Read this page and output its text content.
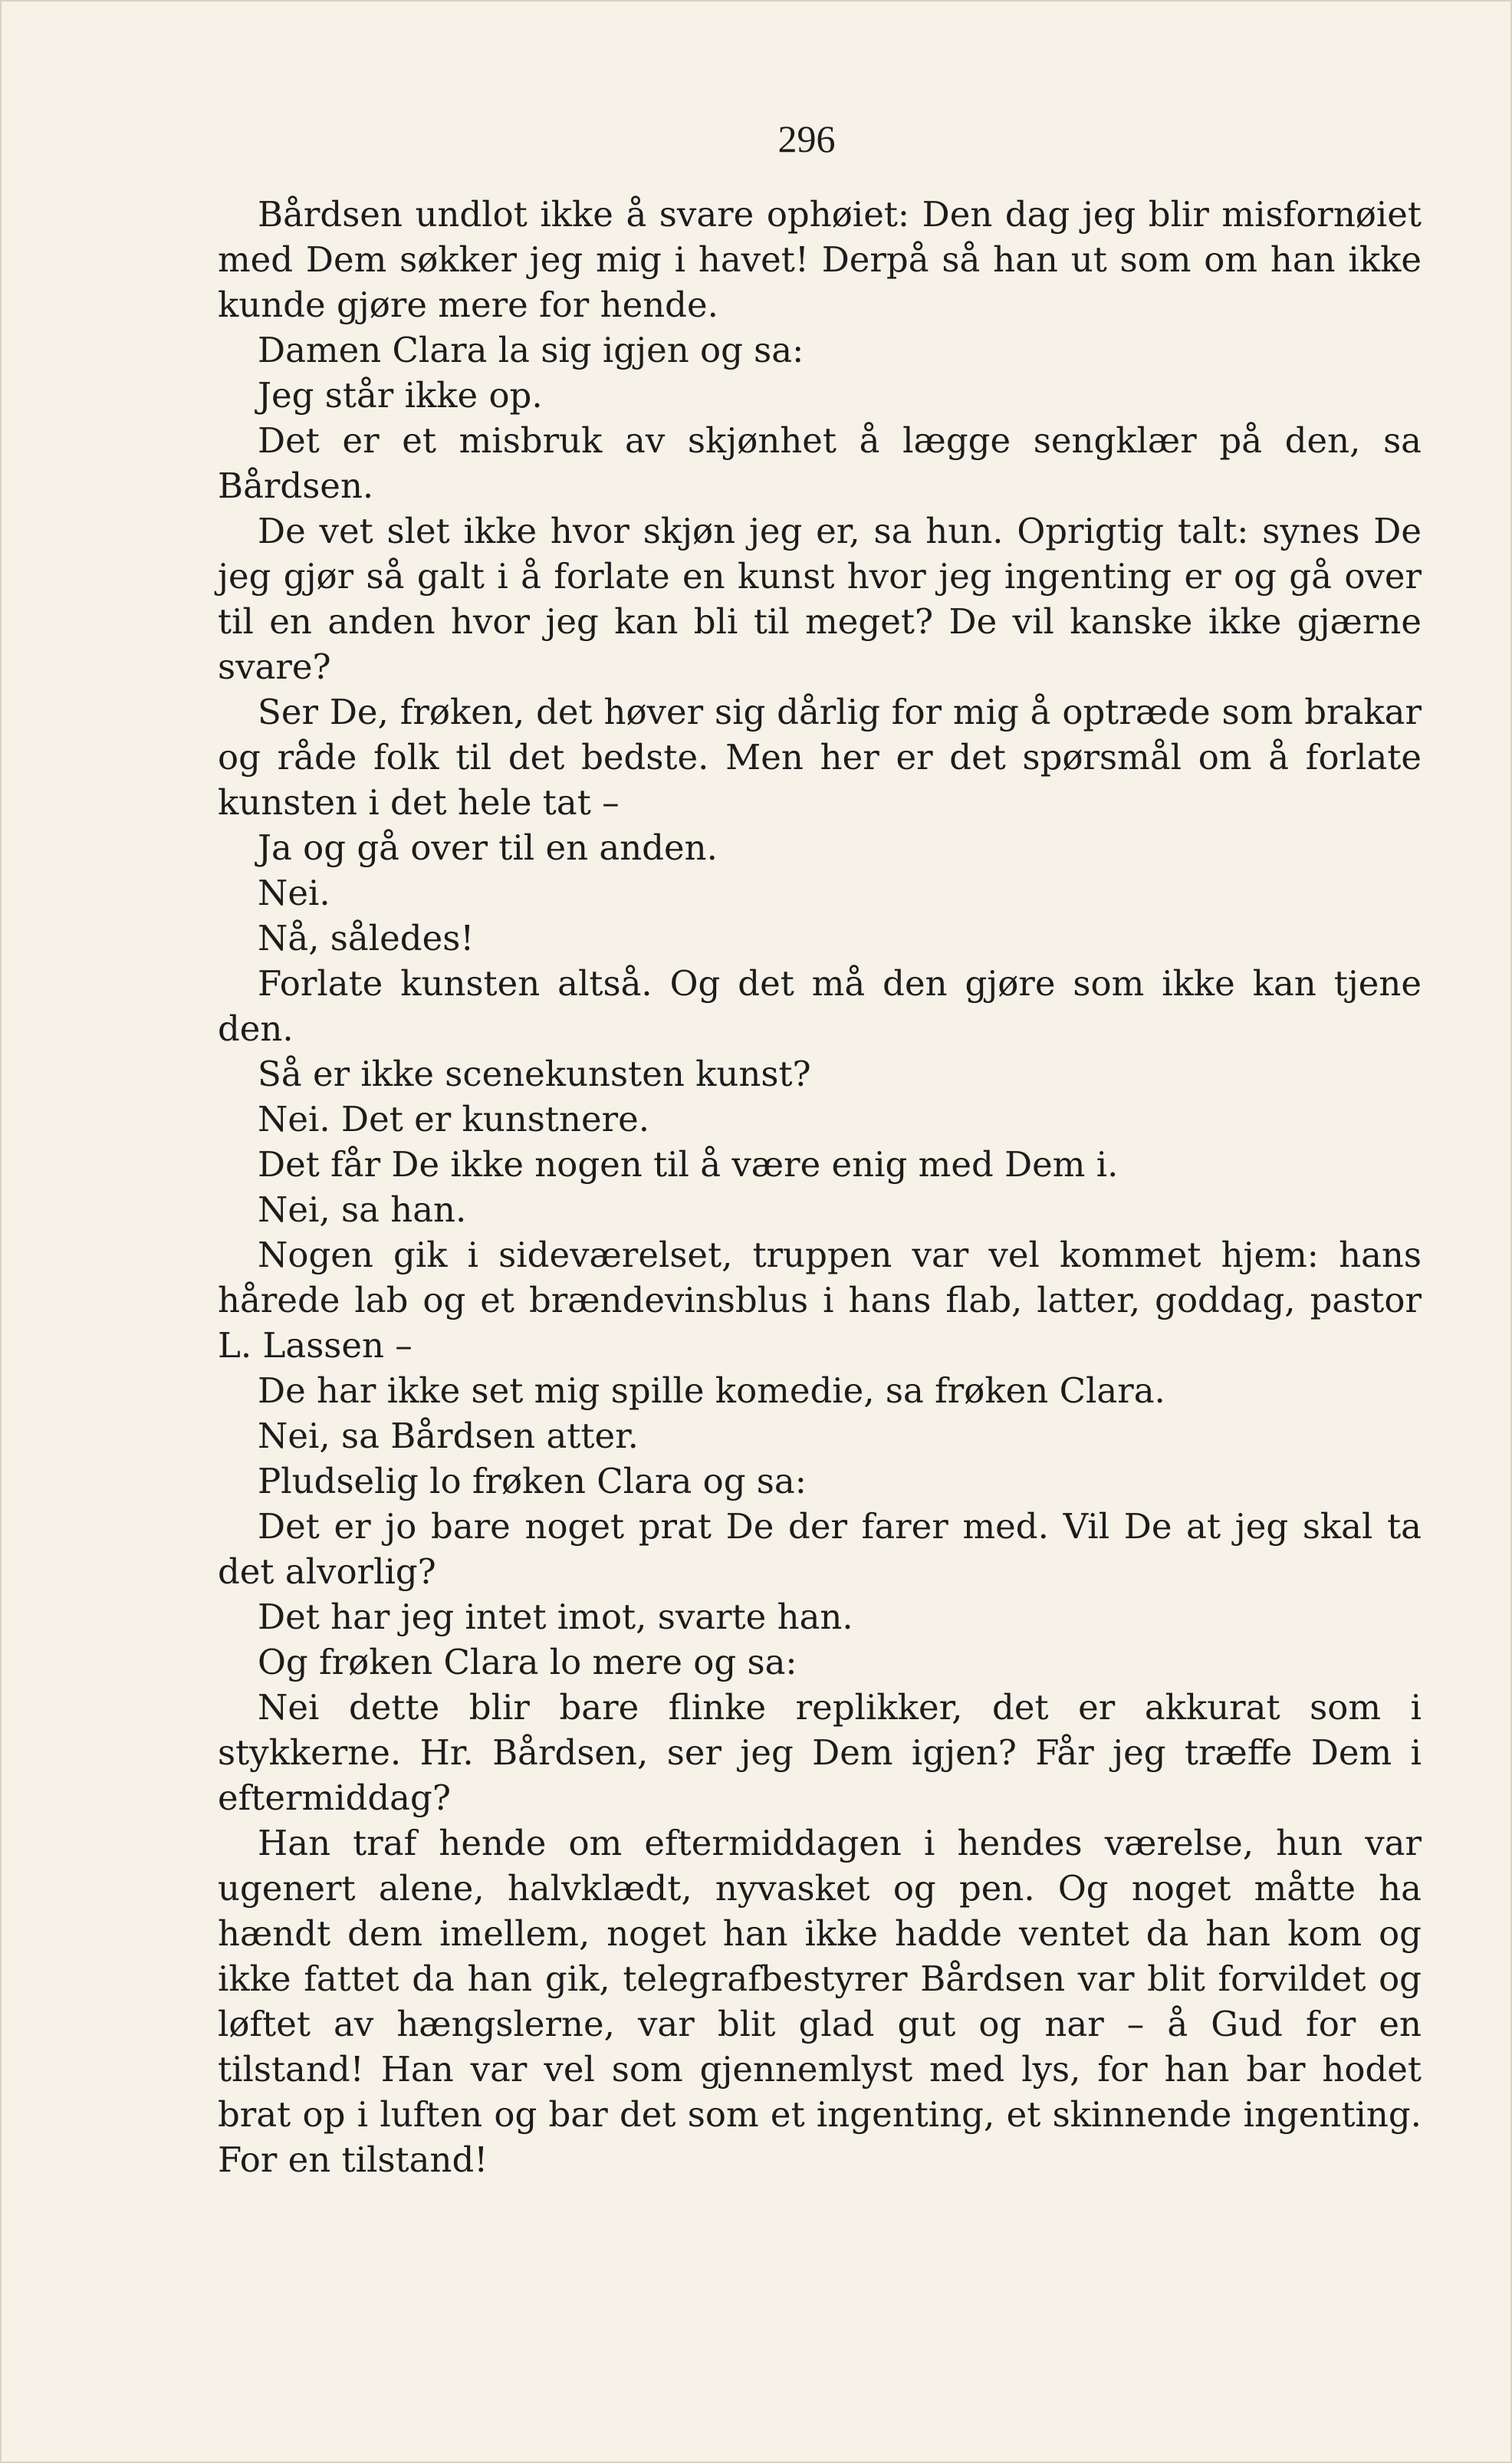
296

Bårdsen undlot ikke å svare ophøiet: Den dag jeg blir misfornøiet med Dem søkker jeg mig i havet! Derpå så han ut som om han ikke kunde gjøre mere for hende.

Damen Clara la sig igjen og sa:

Jeg står ikke op.

Det er et misbruk av skjønhet å lægge sengklær på den, sa Bårdsen.

De vet slet ikke hvor skjøn jeg er, sa hun. Oprigtig talt: synes De jeg gjør så galt i å forlate en kunst hvor jeg ingenting er og gå over til en anden hvor jeg kan bli til meget? De vil kanske ikke gjærne svare?

Ser De, frøken, det høver sig dårlig for mig å optræde som brakar og råde folk til det bedste. Men her er det spørsmål om å forlate kunsten i det hele tat –

Ja og gå over til en anden.

Nei.

Nå, således!

Forlate kunsten altså. Og det må den gjøre som ikke kan tjene den.

Så er ikke scenekunsten kunst?

Nei. Det er kunstnere.

Det får De ikke nogen til å være enig med Dem i.

Nei, sa han.

Nogen gik i sideværelset, truppen var vel kommet hjem: hans hårede lab og et brændevinsblus i hans flab, latter, goddag, pastor L. Lassen –

De har ikke set mig spille komedie, sa frøken Clara.

Nei, sa Bårdsen atter.

Pludselig lo frøken Clara og sa:

Det er jo bare noget prat De der farer med. Vil De at jeg skal ta det alvorlig?

Det har jeg intet imot, svarte han.

Og frøken Clara lo mere og sa:

Nei dette blir bare flinke replikker, det er akkurat som i stykkerne. Hr. Bårdsen, ser jeg Dem igjen? Får jeg træffe Dem i eftermiddag?

Han traf hende om eftermiddagen i hendes værelse, hun var ugenert alene, halvklædt, nyvasket og pen. Og noget måtte ha hændt dem imellem, noget han ikke hadde ventet da han kom og ikke fattet da han gik, telegrafbestyrer Bårdsen var blit forvildet og løftet av hængslerne, var blit glad gut og nar – å Gud for en tilstand! Han var vel som gjennemlyst med lys, for han bar hodet brat op i luften og bar det som et ingenting, et skinnende ingenting. For en tilstand!
